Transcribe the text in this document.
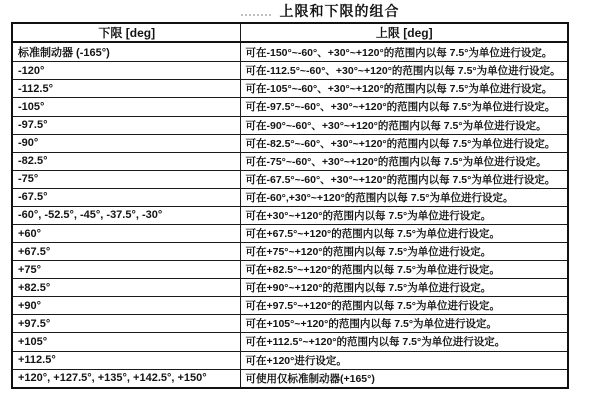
上限和下限的组合
下限 [deg]	上限 [deg]
标准制动器 (-165°)	可在-150°~-60°、+30°~+120°的范围内以每 7.5°为单位进行设定。
-120°	可在-112.5°~-60°、+30°~+120°的范围内以每 7.5°为单位进行设定。
-112.5°	可在-105°~-60°、+30°~+120°的范围内以每 7.5°为单位进行设定。
-105°	可在-97.5°~-60°、+30°~+120°的范围内以每 7.5°为单位进行设定。
-97.5°	可在-90°~-60°、+30°~+120°的范围内以每 7.5°为单位进行设定。
-90°	可在-82.5°~-60°、+30°~+120°的范围内以每 7.5°为单位进行设定。
-82.5°	可在-75°~-60°、+30°~+120°的范围内以每 7.5°为单位进行设定。
-75°	可在-67.5°~-60°、+30°~+120°的范围内以每 7.5°为单位进行设定。
-67.5°	可在-60°,+30°~+120°的范围内以每 7.5°为单位进行设定。
-60°, -52.5°, -45°, -37.5°, -30°	可在+30°~+120°的范围内以每 7.5°为单位进行设定。
+60°	可在+67.5°~+120°的范围内以每 7.5°为单位进行设定。
+67.5°	可在+75°~+120°的范围内以每 7.5°为单位进行设定。
+75°	可在+82.5°~+120°的范围内以每 7.5°为单位进行设定。
+82.5°	可在+90°~+120°的范围内以每 7.5°为单位进行设定。
+90°	可在+97.5°~+120°的范围内以每 7.5°为单位进行设定。
+97.5°	可在+105°~+120°的范围内以每 7.5°为单位进行设定。
+105°	可在+112.5°~+120°的范围内以每 7.5°为单位进行设定。
+112.5°	可在+120°进行设定。
+120°, +127.5°, +135°, +142.5°, +150°	可使用仅标准制动器(+165°)
